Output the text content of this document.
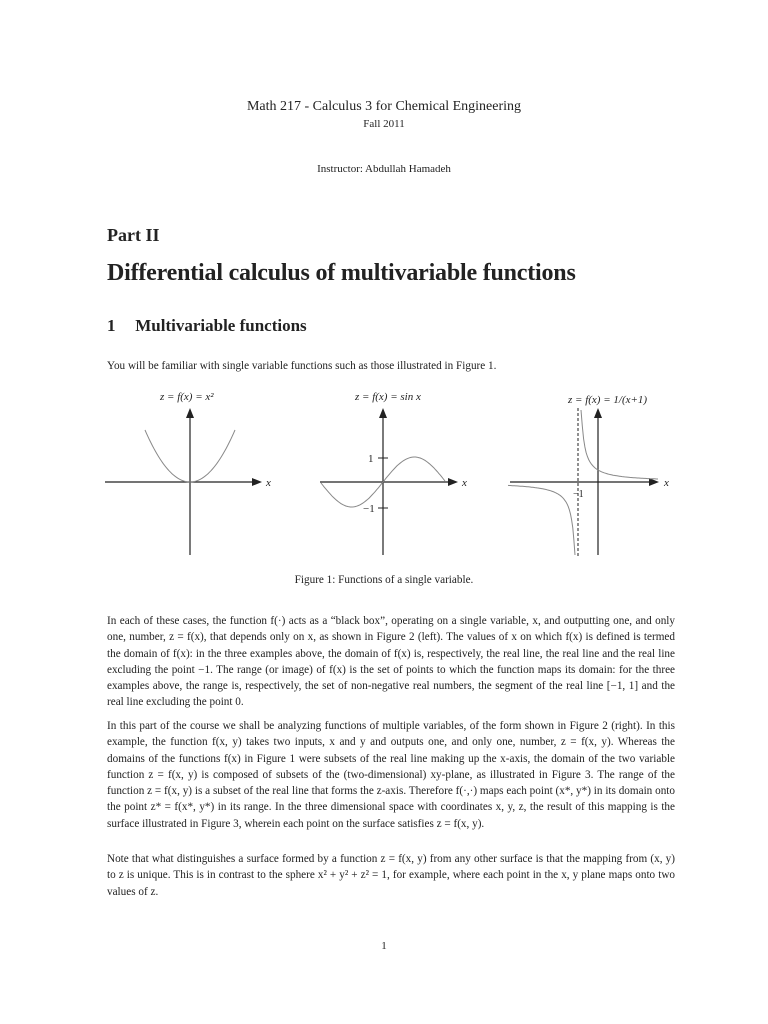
Math 217 - Calculus 3 for Chemical Engineering
Fall 2011
Instructor: Abdullah Hamadeh
Part II
Differential calculus of multivariable functions
1 Multivariable functions
You will be familiar with single variable functions such as those illustrated in Figure 1.
z = f(x) = x²
x
z = f(x) = sin x
x
1
−1
z = f(x) = 1/(x+1)
x
−1
Figure 1: Functions of a single variable.
In each of these cases, the function f(·) acts as a “black box”, operating on a single variable, x, and outputting one, and only one, number, z = f(x), that depends only on x, as shown in Figure 2 (left). The values of x on which f(x) is defined is termed the domain of f(x): in the three examples above, the domain of f(x) is, respectively, the real line, the real line and the real line excluding the point −1. The range (or image) of f(x) is the set of points to which the function maps its domain: for the three examples above, the range is, respectively, the set of non-negative real numbers, the segment of the real line [−1, 1] and the real line excluding the point 0.
In this part of the course we shall be analyzing functions of multiple variables, of the form shown in Figure 2 (right). In this example, the function f(x, y) takes two inputs, x and y and outputs one, and only one, number, z = f(x, y). Whereas the domains of the functions f(x) in Figure 1 were subsets of the real line making up the x-axis, the domain of the two variable function z = f(x, y) is composed of subsets of the (two-dimensional) xy-plane, as illustrated in Figure 3. The range of the function z = f(x, y) is a subset of the real line that forms the z-axis. Therefore f(·,·) maps each point (x*, y*) in its domain onto the point z* = f(x*, y*) in its range. In the three dimensional space with coordinates x, y, z, the result of this mapping is the surface illustrated in Figure 3, wherein each point on the surface satisfies z = f(x, y).
Note that what distinguishes a surface formed by a function z = f(x, y) from any other surface is that the mapping from (x, y) to z is unique. This is in contrast to the sphere x² + y² + z² = 1, for example, where each point in the x, y plane maps onto two values of z.
1
